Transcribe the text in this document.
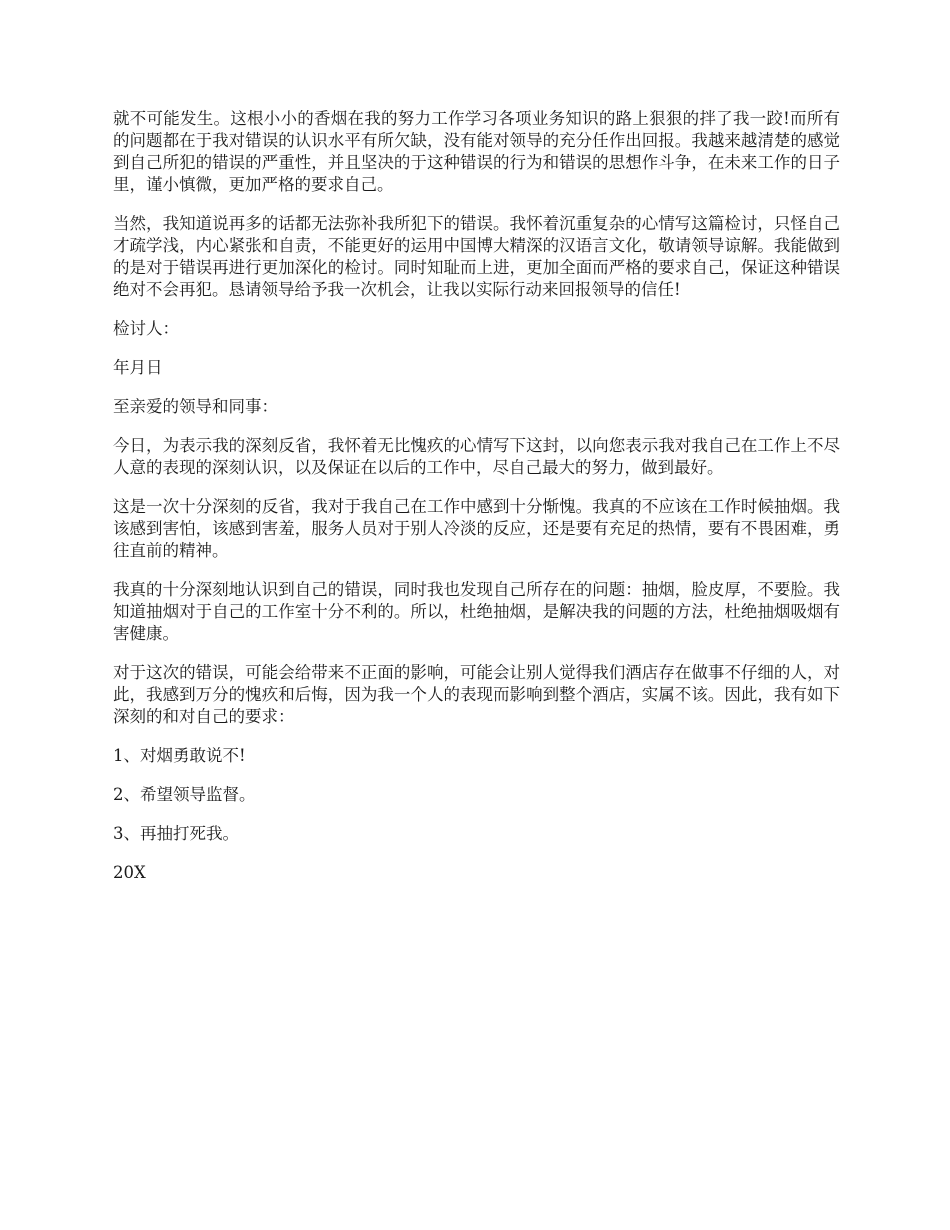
就不可能发生。这根小小的香烟在我的努力工作学习各项业务知识的路上狠狠的拌了我一跤!而所有的问题都在于我对错误的认识水平有所欠缺，没有能对领导的充分任作出回报。我越来越清楚的感觉到自己所犯的错误的严重性，并且坚决的于这种错误的行为和错误的思想作斗争，在未来工作的日子里，谨小慎微，更加严格的要求自己。

当然，我知道说再多的话都无法弥补我所犯下的错误。我怀着沉重复杂的心情写这篇检讨，只怪自己才疏学浅，内心紧张和自责，不能更好的运用中国博大精深的汉语言文化，敬请领导谅解。我能做到的是对于错误再进行更加深化的检讨。同时知耻而上进，更加全面而严格的要求自己，保证这种错误绝对不会再犯。恳请领导给予我一次机会，让我以实际行动来回报领导的信任!

检讨人：

年月日

至亲爱的领导和同事：

今日，为表示我的深刻反省，我怀着无比愧疚的心情写下这封，以向您表示我对我自己在工作上不尽人意的表现的深刻认识，以及保证在以后的工作中，尽自己最大的努力，做到最好。

这是一次十分深刻的反省，我对于我自己在工作中感到十分惭愧。我真的不应该在工作时候抽烟。我该感到害怕，该感到害羞，服务人员对于别人冷淡的反应，还是要有充足的热情，要有不畏困难，勇往直前的精神。

我真的十分深刻地认识到自己的错误，同时我也发现自己所存在的问题：抽烟，脸皮厚，不要脸。我知道抽烟对于自己的工作室十分不利的。所以，杜绝抽烟，是解决我的问题的方法，杜绝抽烟吸烟有害健康。

对于这次的错误，可能会给带来不正面的影响，可能会让别人觉得我们酒店存在做事不仔细的人，对此，我感到万分的愧疚和后悔，因为我一个人的表现而影响到整个酒店，实属不该。因此，我有如下深刻的和对自己的要求：

1、对烟勇敢说不!

2、希望领导监督。

3、再抽打死我。

20X
